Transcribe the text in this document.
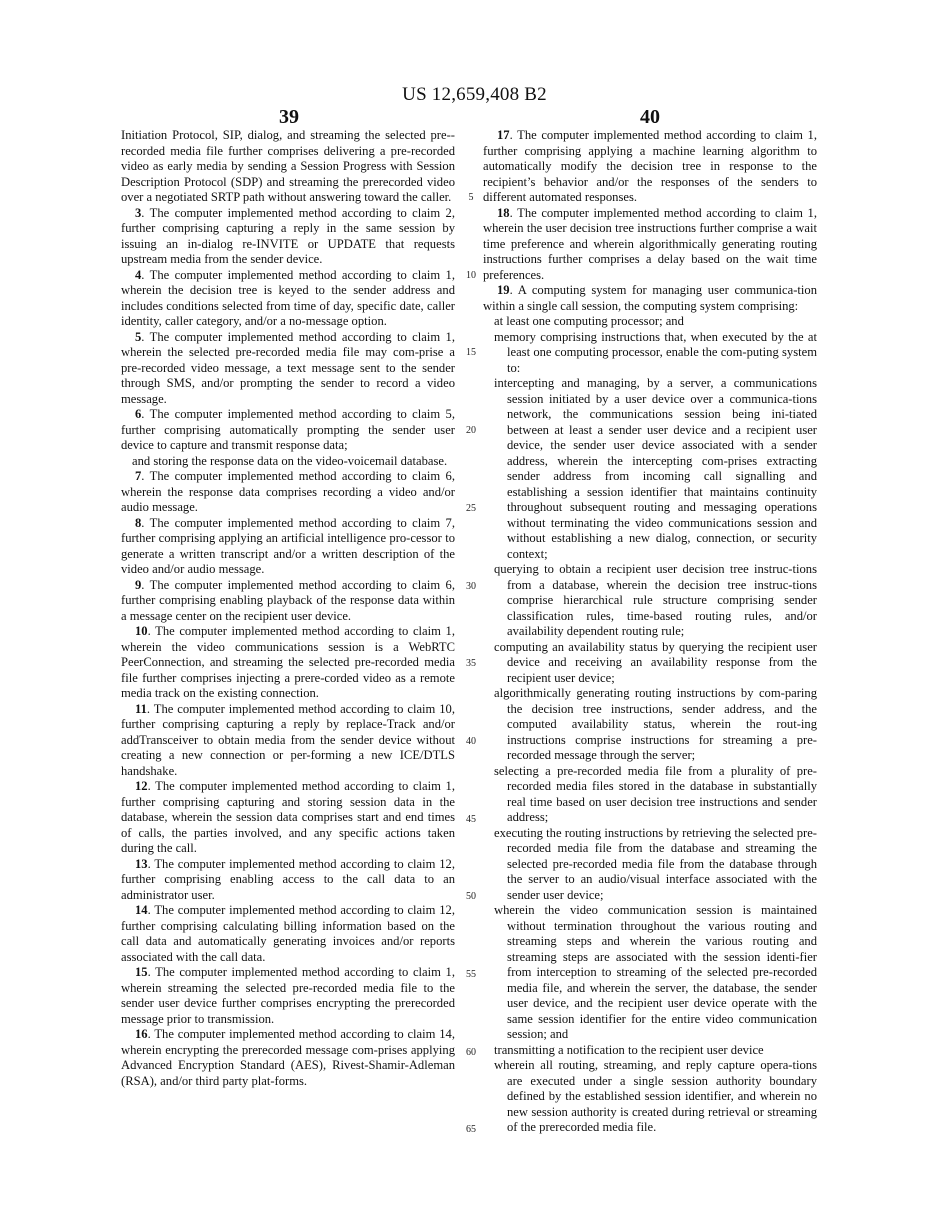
US 12,659,408 B2
39	40

Initiation Protocol, SIP, dialog, and streaming the selected pre-recorded media file further comprises delivering a pre-recorded video as early media by sending a Session Progress with Session Description Protocol (SDP) and streaming the prerecorded video over a negotiated SRTP path without answering toward the caller.

3. The computer implemented method according to claim 2, further comprising capturing a reply in the same session by issuing an in-dialog re-INVITE or UPDATE that requests upstream media from the sender device.

4. The computer implemented method according to claim 1, wherein the decision tree is keyed to the sender address and includes conditions selected from time of day, specific date, caller identity, caller category, and/or a no-message option.

5. The computer implemented method according to claim 1, wherein the selected pre-recorded media file may com-prise a pre-recorded video message, a text message sent to the sender through SMS, and/or prompting the sender to record a video message.

6. The computer implemented method according to claim 5, further comprising automatically prompting the sender user device to capture and transmit response data;

and storing the response data on the video-voicemail database.

7. The computer implemented method according to claim 6, wherein the response data comprises recording a video and/or audio message.

8. The computer implemented method according to claim 7, further comprising applying an artificial intelligence pro-cessor to generate a written transcript and/or a written description of the video and/or audio message.

9. The computer implemented method according to claim 6, further comprising enabling playback of the response data within a message center on the recipient user device.

10. The computer implemented method according to claim 1, wherein the video communications session is a WebRTC PeerConnection, and streaming the selected pre-recorded media file further comprises injecting a prere-corded video as a remote media track on the existing connection.

11. The computer implemented method according to claim 10, further comprising capturing a reply by replace-Track and/or addTransceiver to obtain media from the sender device without creating a new connection or per-forming a new ICE/DTLS handshake.

12. The computer implemented method according to claim 1, further comprising capturing and storing session data in the database, wherein the session data comprises start and end times of calls, the parties involved, and any specific actions taken during the call.

13. The computer implemented method according to claim 12, further comprising enabling access to the call data to an administrator user.

14. The computer implemented method according to claim 12, further comprising calculating billing information based on the call data and automatically generating invoices and/or reports associated with the call data.

15. The computer implemented method according to claim 1, wherein streaming the selected pre-recorded media file to the sender user device further comprises encrypting the prerecorded message prior to transmission.

16. The computer implemented method according to claim 14, wherein encrypting the prerecorded message com-prises applying Advanced Encryption Standard (AES), Rivest-Shamir-Adleman (RSA), and/or third party plat-forms.

17. The computer implemented method according to claim 1, further comprising applying a machine learning algorithm to automatically modify the decision tree in response to the recipient’s behavior and/or the responses of the senders to different automated responses.

18. The computer implemented method according to claim 1, wherein the user decision tree instructions further comprise a wait time preference and wherein algorithmically generating routing instructions further comprises a delay based on the wait time preferences.

19. A computing system for managing user communica-tion within a single call session, the computing system comprising:

at least one computing processor; and

memory comprising instructions that, when executed by the at least one computing processor, enable the com-puting system to:

intercepting and managing, by a server, a communications session initiated by a user device over a communica-tions network, the communications session being ini-tiated between at least a sender user device and a recipient user device, the sender user device associated with a sender address, wherein the intercepting com-prises extracting sender address from incoming call signalling and establishing a session identifier that maintains continuity throughout subsequent routing and messaging operations without terminating the video communications session and without establishing a new dialog, connection, or security context;

querying to obtain a recipient user decision tree instruc-tions from a database, wherein the decision tree instruc-tions comprise hierarchical rule structure comprising sender classification rules, time-based routing rules, and/or availability dependent routing rule;

computing an availability status by querying the recipient user device and receiving an availability response from the recipient user device;

algorithmically generating routing instructions by com-paring the decision tree instructions, sender address, and the computed availability status, wherein the rout-ing instructions comprise instructions for streaming a pre-recorded message through the server;

selecting a pre-recorded media file from a plurality of pre-recorded media files stored in the database in substantially real time based on user decision tree instructions and sender address;

executing the routing instructions by retrieving the selected pre-recorded media file from the database and streaming the selected pre-recorded media file from the database through the server to an audio/visual interface associated with the sender user device;

wherein the video communication session is maintained without termination throughout the various routing and streaming steps and wherein the various routing and streaming steps are associated with the session identi-fier from interception to streaming of the selected pre-recorded media file, and wherein the server, the database, the sender user device, and the recipient user device operate with the same session identifier for the entire video communication session; and

transmitting a notification to the recipient user device

wherein all routing, streaming, and reply capture opera-tions are executed under a single session authority boundary defined by the established session identifier, and wherein no new session authority is created during retrieval or streaming of the prerecorded media file.

5
10
15
20
25
30
35
40
45
50
55
60
65
